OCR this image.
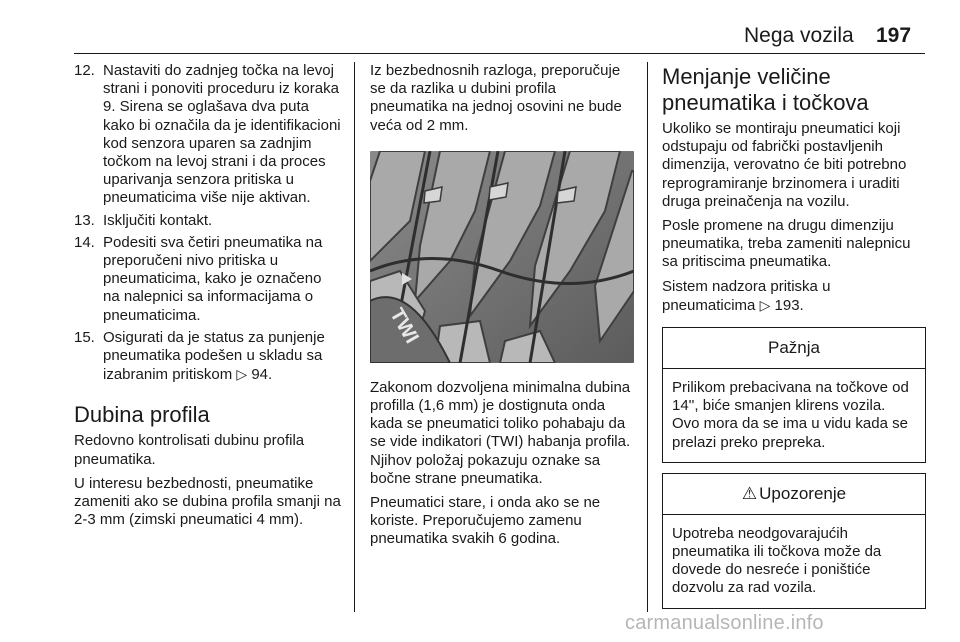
Nega vozila 197
12. Nastaviti do zadnjeg točka na levoj strani i ponoviti proceduru iz koraka 9. Sirena se oglašava dva puta kako bi označila da je identifikacioni kod senzora uparen sa zadnjim točkom na levoj strani i da proces uparivanja senzora pritiska u pneumaticima više nije aktivan.
13. Isključiti kontakt.
14. Podesiti sva četiri pneumatika na preporučeni nivo pritiska u pneumaticima, kako je označeno na nalepnici sa informacijama o pneumaticima.
15. Osigurati da je status za punjenje pneumatika podešen u skladu sa izabranim pritiskom ▷ 94.
Dubina profila

Redovno kontrolisati dubinu profila pneumatika.

U interesu bezbednosti, pneumatike zameniti ako se dubina profila smanji na 2-3 mm (zimski pneumatici 4 mm).

Iz bezbednosnih razloga, preporučuje se da razlika u dubini profila pneumatika na jednoj osovini ne bude veća od 2 mm.

TWI

Zakonom dozvoljena minimalna dubina profilla (1,6 mm) je dostignuta onda kada se pneumatici toliko pohabaju da se vide indikatori (TWI) habanja profila. Njihov položaj pokazuju oznake sa bočne strane pneumatika.

Pneumatici stare, i onda ako se ne koriste. Preporučujemo zamenu pneumatika svakih 6 godina.

Menjanje veličine pneumatika i točkova

Ukoliko se montiraju pneumatici koji odstupaju od fabrički postavljenih dimenzija, verovatno će biti potrebno reprogramiranje brzinomera i uraditi druga preinačenja na vozilu.

Posle promene na drugu dimenziju pneumatika, treba zameniti nalepnicu sa pritiscima pneumatika.

Sistem nadzora pritiska u pneumaticima ▷ 193.

Pažnja
Prilikom prebacivana na točkove od 14'', biće smanjen klirens vozila. Ovo mora da se ima u vidu kada se prelazi preko prepreka.
⚠ Upozorenje
Upotreba neodgovarajućih pneumatika ili točkova može da dovede do nesreće i poništiće dozvolu za rad vozila.
carmanualsonline.info
